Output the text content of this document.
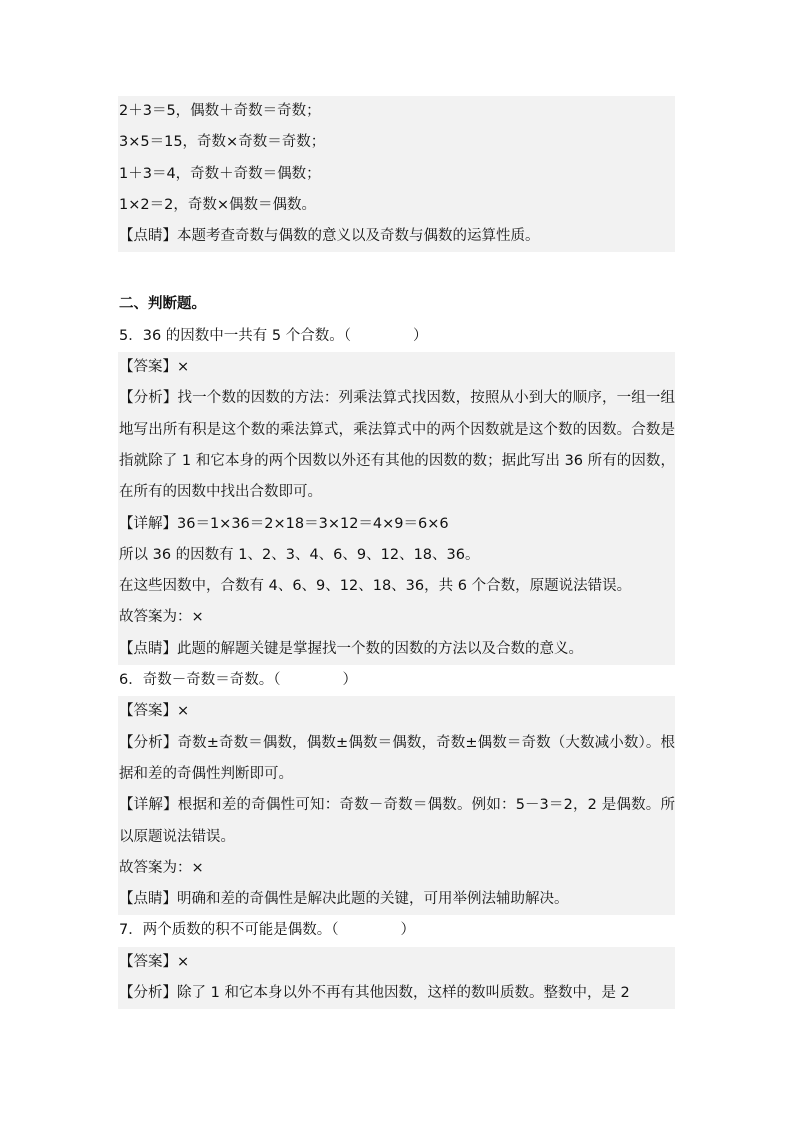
2＋3＝5，偶数＋奇数＝奇数；
3×5＝15，奇数×奇数＝奇数；
1＋3＝4，奇数＋奇数＝偶数；
1×2＝2，奇数×偶数＝偶数。
【点睛】本题考查奇数与偶数的意义以及奇数与偶数的运算性质。
二、判断题。
5．36 的因数中一共有 5 个合数。（	）
【答案】×
【分析】找一个数的因数的方法：列乘法算式找因数，按照从小到大的顺序，一组一组地写出所有积是这个数的乘法算式，乘法算式中的两个因数就是这个数的因数。合数是指就除了 1 和它本身的两个因数以外还有其他的因数的数；据此写出 36 所有的因数，在所有的因数中找出合数即可。
【详解】36＝1×36＝2×18＝3×12＝4×9＝6×6
所以 36 的因数有 1、2、3、4、6、9、12、18、36。
在这些因数中，合数有 4、6、9、12、18、36，共 6 个合数，原题说法错误。
故答案为：×
【点睛】此题的解题关键是掌握找一个数的因数的方法以及合数的意义。
6．奇数－奇数＝奇数。（	）
【答案】×
【分析】奇数±奇数＝偶数，偶数±偶数＝偶数，奇数±偶数＝奇数（大数减小数）。根据和差的奇偶性判断即可。
【详解】根据和差的奇偶性可知：奇数－奇数＝偶数。例如：5－3＝2，2 是偶数。所以原题说法错误。
故答案为：×
【点睛】明确和差的奇偶性是解决此题的关键，可用举例法辅助解决。
7．两个质数的积不可能是偶数。（	）
【答案】×
【分析】除了 1 和它本身以外不再有其他因数，这样的数叫质数。整数中，是 2
